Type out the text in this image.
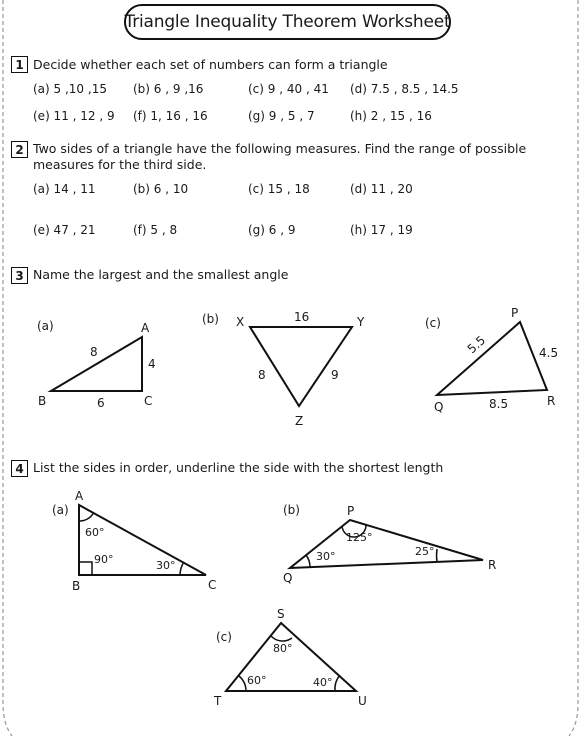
Triangle Inequality Theorem Worksheet
1 Decide whether each set of numbers can form a triangle
(a) 5 ,10 ,15 (b) 6 , 9 ,16	(c) 9 , 40 , 41 (d) 7.5 , 8.5 , 14.5
(e) 11 , 12 , 9 (f) 1, 16 , 16	(g) 9 , 5 , 7	(h) 2 , 15 , 16
2 Two sides of a triangle have the following measures. Find the range of possible measures for the third side.
(a) 14 , 11	(b) 6 , 10	(c) 15 , 18	(d) 11 , 20
(e) 47 , 21	(f) 5 , 8	(g) 6 , 9	(h) 17 , 19
3 Name the largest and the smallest angle
4 List the sides in order, underline the side with the shortest length
(a)	A
B	C
8
4
6
(b) X	Y
Z
16
8	9
(c)
P
Q	R
5.5	4.5
8.5
(a)
A
B	C
60°
90°	30°
(b)	P
Q
R
125°
30°	25°
(c)
S
T	U
80°
60°	40°
